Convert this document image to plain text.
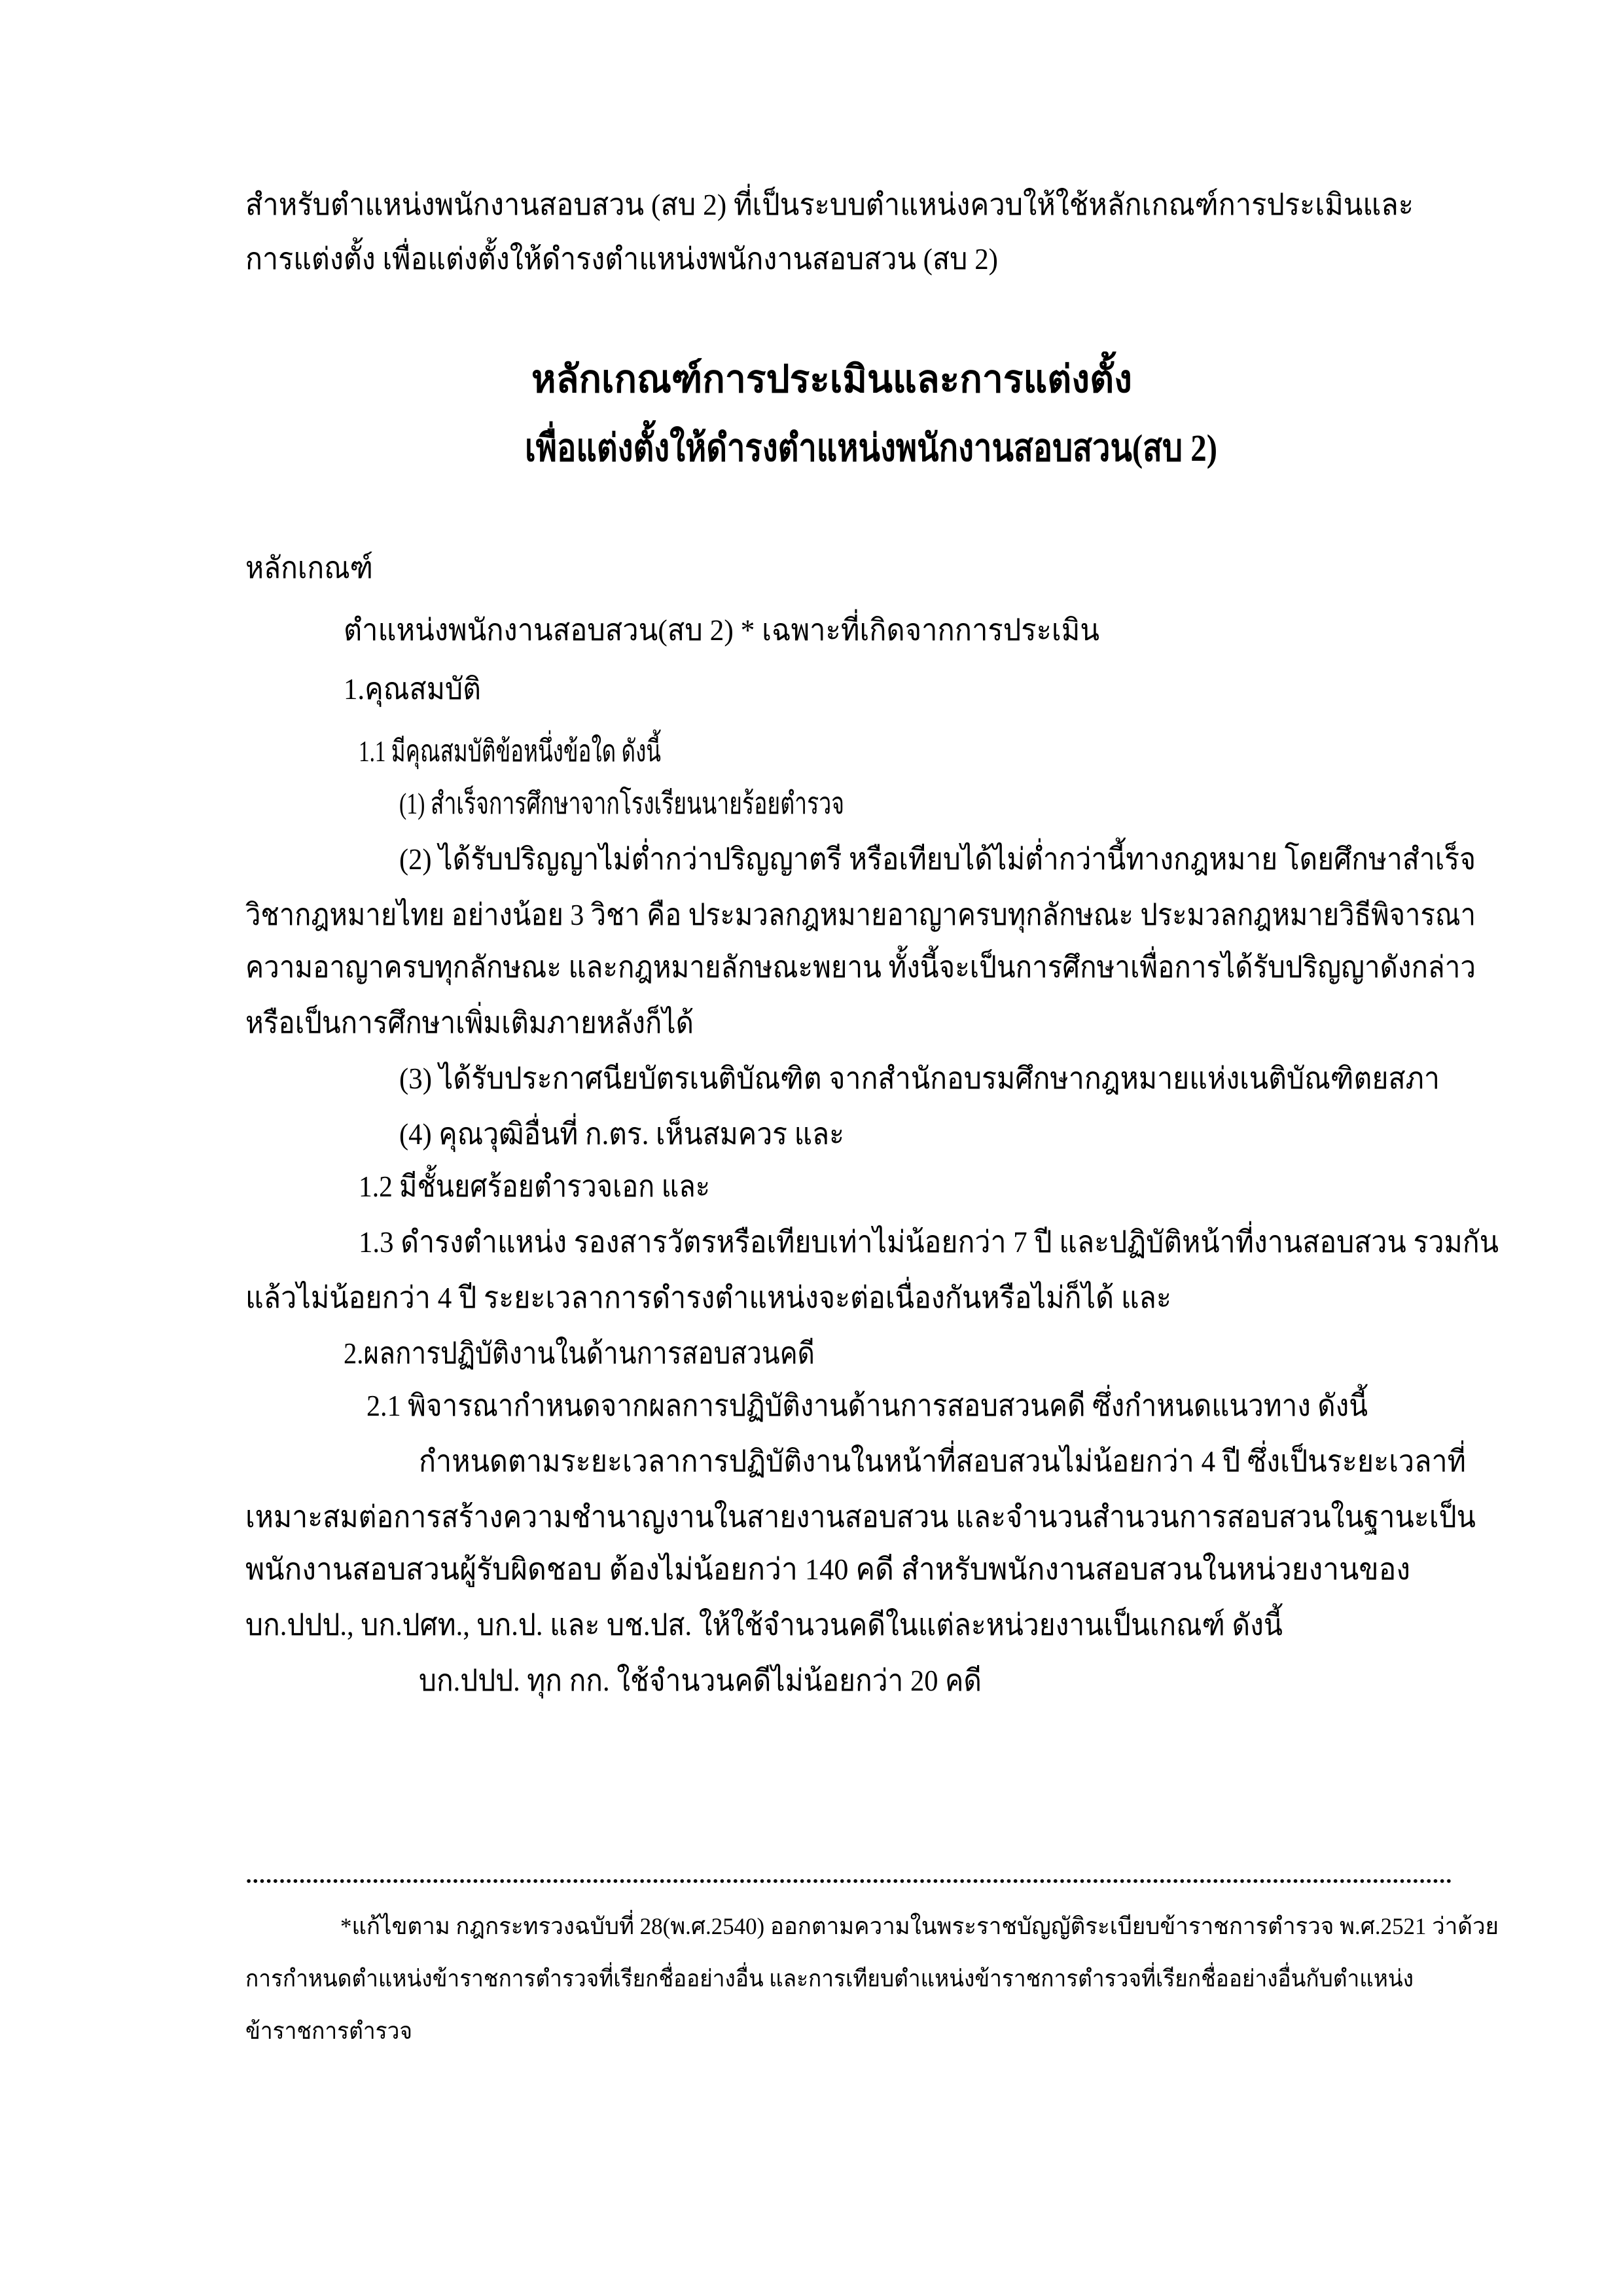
สำหรับตำแหน่งพนักงานสอบสวน (สบ 2) ที่เป็นระบบตำแหน่งควบให้ใช้หลักเกณฑ์การประเมินและ
การแต่งตั้ง เพื่อแต่งตั้งให้ดำรงตำแหน่งพนักงานสอบสวน (สบ 2)
หลักเกณฑ์การประเมินและการแต่งตั้ง
เพื่อแต่งตั้งให้ดำรงตำแหน่งพนักงานสอบสวน(สบ 2)
หลักเกณฑ์
ตำแหน่งพนักงานสอบสวน(สบ 2) * เฉพาะที่เกิดจากการประเมิน
1.คุณสมบัติ
1.1 มีคุณสมบัติข้อหนึ่งข้อใด ดังนี้
(1) สำเร็จการศึกษาจากโรงเรียนนายร้อยตำรวจ
(2) ได้รับปริญญาไม่ต่ำกว่าปริญญาตรี หรือเทียบได้ไม่ต่ำกว่านี้ทางกฎหมาย โดยศึกษาสำเร็จ
วิชากฎหมายไทย อย่างน้อย 3 วิชา คือ ประมวลกฎหมายอาญาครบทุกลักษณะ ประมวลกฎหมายวิธีพิจารณา
ความอาญาครบทุกลักษณะ และกฎหมายลักษณะพยาน ทั้งนี้จะเป็นการศึกษาเพื่อการได้รับปริญญาดังกล่าว
หรือเป็นการศึกษาเพิ่มเติมภายหลังก็ได้
(3) ได้รับประกาศนียบัตรเนติบัณฑิต จากสำนักอบรมศึกษากฎหมายแห่งเนติบัณฑิตยสภา
(4) คุณวุฒิอื่นที่ ก.ตร. เห็นสมควร และ
1.2 มีชั้นยศร้อยตำรวจเอก และ
1.3 ดำรงตำแหน่ง รองสารวัตรหรือเทียบเท่าไม่น้อยกว่า 7 ปี และปฏิบัติหน้าที่งานสอบสวน รวมกัน
แล้วไม่น้อยกว่า 4 ปี ระยะเวลาการดำรงตำแหน่งจะต่อเนื่องกันหรือไม่ก็ได้ และ
2.ผลการปฏิบัติงานในด้านการสอบสวนคดี
2.1 พิจารณากำหนดจากผลการปฏิบัติงานด้านการสอบสวนคดี ซึ่งกำหนดแนวทาง ดังนี้
กำหนดตามระยะเวลาการปฏิบัติงานในหน้าที่สอบสวนไม่น้อยกว่า 4 ปี ซึ่งเป็นระยะเวลาที่
เหมาะสมต่อการสร้างความชำนาญงานในสายงานสอบสวน และจำนวนสำนวนการสอบสวนในฐานะเป็น
พนักงานสอบสวนผู้รับผิดชอบ ต้องไม่น้อยกว่า 140 คดี สำหรับพนักงานสอบสวนในหน่วยงานของ
บก.ปปป., บก.ปศท., บก.ป. และ บช.ปส. ให้ใช้จำนวนคดีในแต่ละหน่วยงานเป็นเกณฑ์ ดังนี้
บก.ปปป. ทุก กก. ใช้จำนวนคดีไม่น้อยกว่า 20 คดี
*แก้ไขตาม กฎกระทรวงฉบับที่ 28(พ.ศ.2540) ออกตามความในพระราชบัญญัติระเบียบข้าราชการตำรวจ พ.ศ.2521 ว่าด้วย
การกำหนดตำแหน่งข้าราชการตำรวจที่เรียกชื่ออย่างอื่น และการเทียบตำแหน่งข้าราชการตำรวจที่เรียกชื่ออย่างอื่นกับตำแหน่ง
ข้าราชการตำรวจ
